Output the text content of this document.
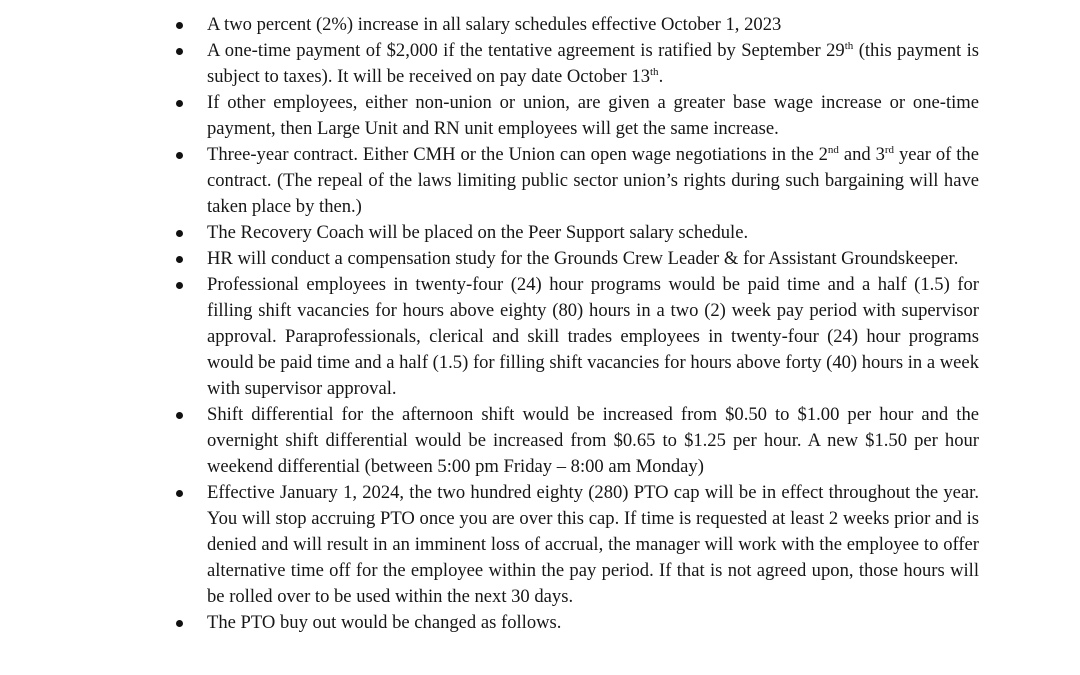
A two percent (2%) increase in all salary schedules effective October 1, 2023
A one-time payment of $2,000 if the tentative agreement is ratified by September 29th (this payment is subject to taxes). It will be received on pay date October 13th.
If other employees, either non-union or union, are given a greater base wage increase or one-time payment, then Large Unit and RN unit employees will get the same increase.
Three-year contract. Either CMH or the Union can open wage negotiations in the 2nd and 3rd year of the contract. (The repeal of the laws limiting public sector union’s rights during such bargaining will have taken place by then.)
The Recovery Coach will be placed on the Peer Support salary schedule.
HR will conduct a compensation study for the Grounds Crew Leader & for Assistant Groundskeeper.
Professional employees in twenty-four (24) hour programs would be paid time and a half (1.5) for filling shift vacancies for hours above eighty (80) hours in a two (2) week pay period with supervisor approval. Paraprofessionals, clerical and skill trades employees in twenty-four (24) hour programs would be paid time and a half (1.5) for filling shift vacancies for hours above forty (40) hours in a week with supervisor approval.
Shift differential for the afternoon shift would be increased from $0.50 to $1.00 per hour and the overnight shift differential would be increased from $0.65 to $1.25 per hour. A new $1.50 per hour weekend differential (between 5:00 pm Friday – 8:00 am Monday)
Effective January 1, 2024, the two hundred eighty (280) PTO cap will be in effect throughout the year. You will stop accruing PTO once you are over this cap. If time is requested at least 2 weeks prior and is denied and will result in an imminent loss of accrual, the manager will work with the employee to offer alternative time off for the employee within the pay period. If that is not agreed upon, those hours will be rolled over to be used within the next 30 days.
The PTO buy out would be changed as follows.
